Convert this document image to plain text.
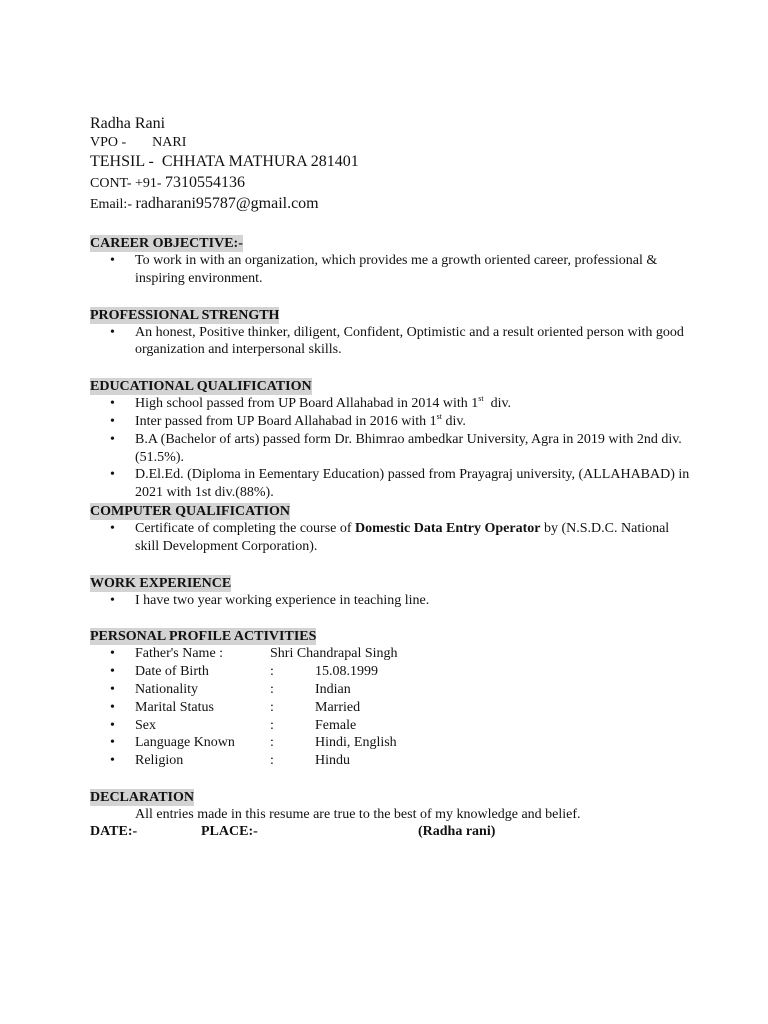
Radha Rani
VPO - NARI
TEHSIL -  CHHATA MATHURA 281401
CONT- +91- 7310554136
Email:- radharani95787@gmail.com
CAREER OBJECTIVE:-
• To work in with an organization, which provides me a growth oriented career, professional & inspiring environment.
PROFESSIONAL STRENGTH
• An honest, Positive thinker, diligent, Confident, Optimistic and a result oriented person with good organization and interpersonal skills.
EDUCATIONAL QUALIFICATION
• High school passed from UP Board Allahabad in 2014 with 1st  div.
• Inter passed from UP Board Allahabad in 2016 with 1st div.
• B.A (Bachelor of arts) passed form Dr. Bhimrao ambedkar University, Agra in 2019 with 2nd div.(51.5%).
• D.El.Ed. (Diploma in Eementary Education) passed from Prayagraj university, (ALLAHABAD) in 2021 with 1st div.(88%).
COMPUTER QUALIFICATION
• Certificate of completing the course of Domestic Data Entry Operator by (N.S.D.C. National skill Development Corporation).
WORK EXPERIENCE
• I have two year working experience in teaching line.
PERSONAL PROFILE ACTIVITIES
• Father's Name :	Shri Chandrapal Singh
• Date of Birth	:	15.08.1999
• Nationality	:	Indian
• Marital Status	:	Married
• Sex	:	Female
• Language Known	:	Hindi, English
• Religion	:	Hindu
DECLARATION
All entries made in this resume are true to the best of my knowledge and belief.
DATE:-	PLACE:-	(Radha rani)
